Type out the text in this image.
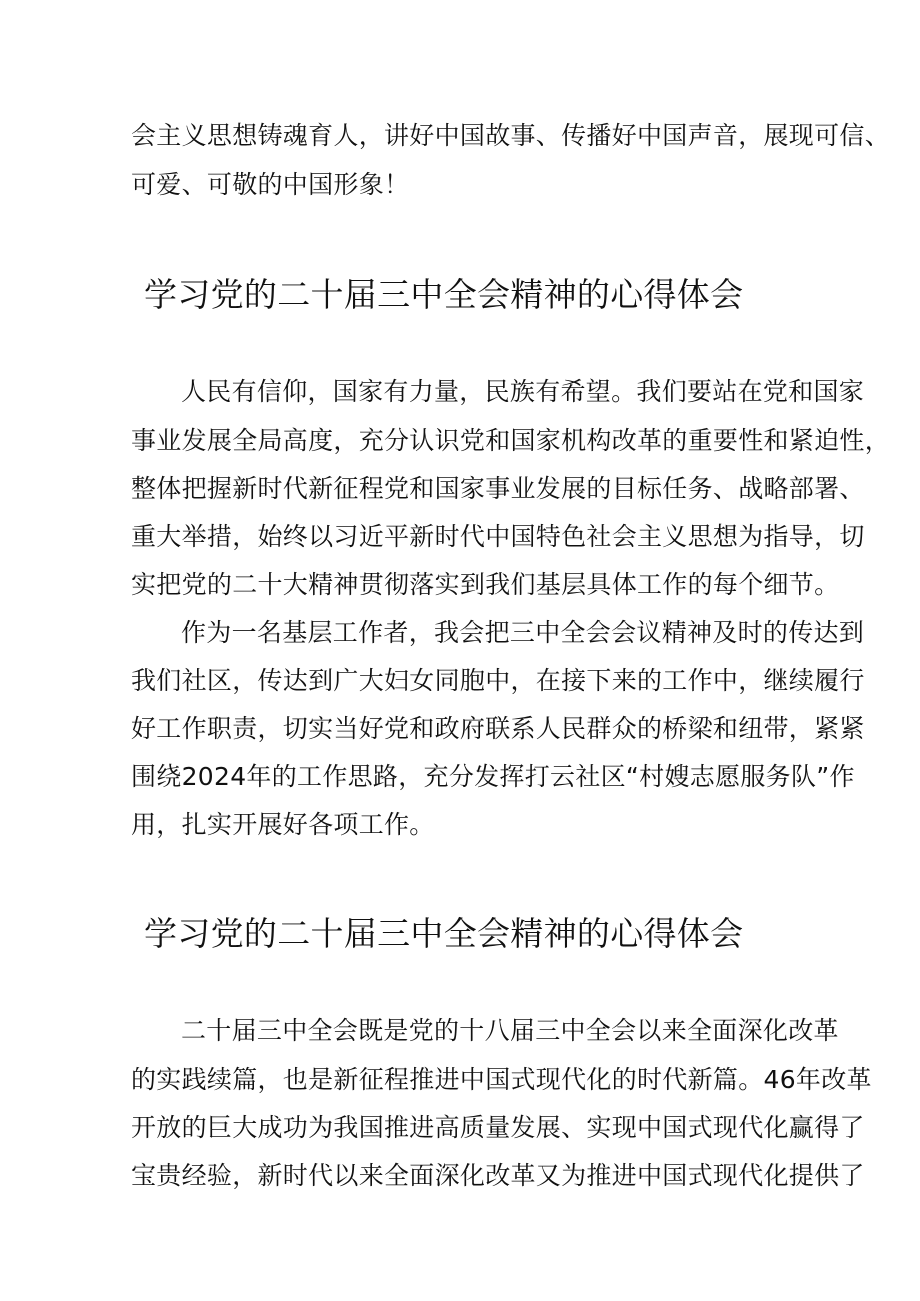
会主义思想铸魂育人，讲好中国故事、传播好中国声音，展现可信、
可爱、可敬的中国形象！
学习党的二十届三中全会精神的心得体会
人民有信仰，国家有力量，民族有希望。我们要站在党和国家
事业发展全局高度，充分认识党和国家机构改革的重要性和紧迫性，
整体把握新时代新征程党和国家事业发展的目标任务、战略部署、
重大举措，始终以习近平新时代中国特色社会主义思想为指导，切
实把党的二十大精神贯彻落实到我们基层具体工作的每个细节。
作为一名基层工作者，我会把三中全会会议精神及时的传达到
我们社区，传达到广大妇女同胞中，在接下来的工作中，继续履行
好工作职责，切实当好党和政府联系人民群众的桥梁和纽带，紧紧
围绕2024年的工作思路，充分发挥打云社区“村嫂志愿服务队”作
用，扎实开展好各项工作。
学习党的二十届三中全会精神的心得体会
二十届三中全会既是党的十八届三中全会以来全面深化改革
的实践续篇，也是新征程推进中国式现代化的时代新篇。46年改革
开放的巨大成功为我国推进高质量发展、实现中国式现代化赢得了
宝贵经验，新时代以来全面深化改革又为推进中国式现代化提供了
